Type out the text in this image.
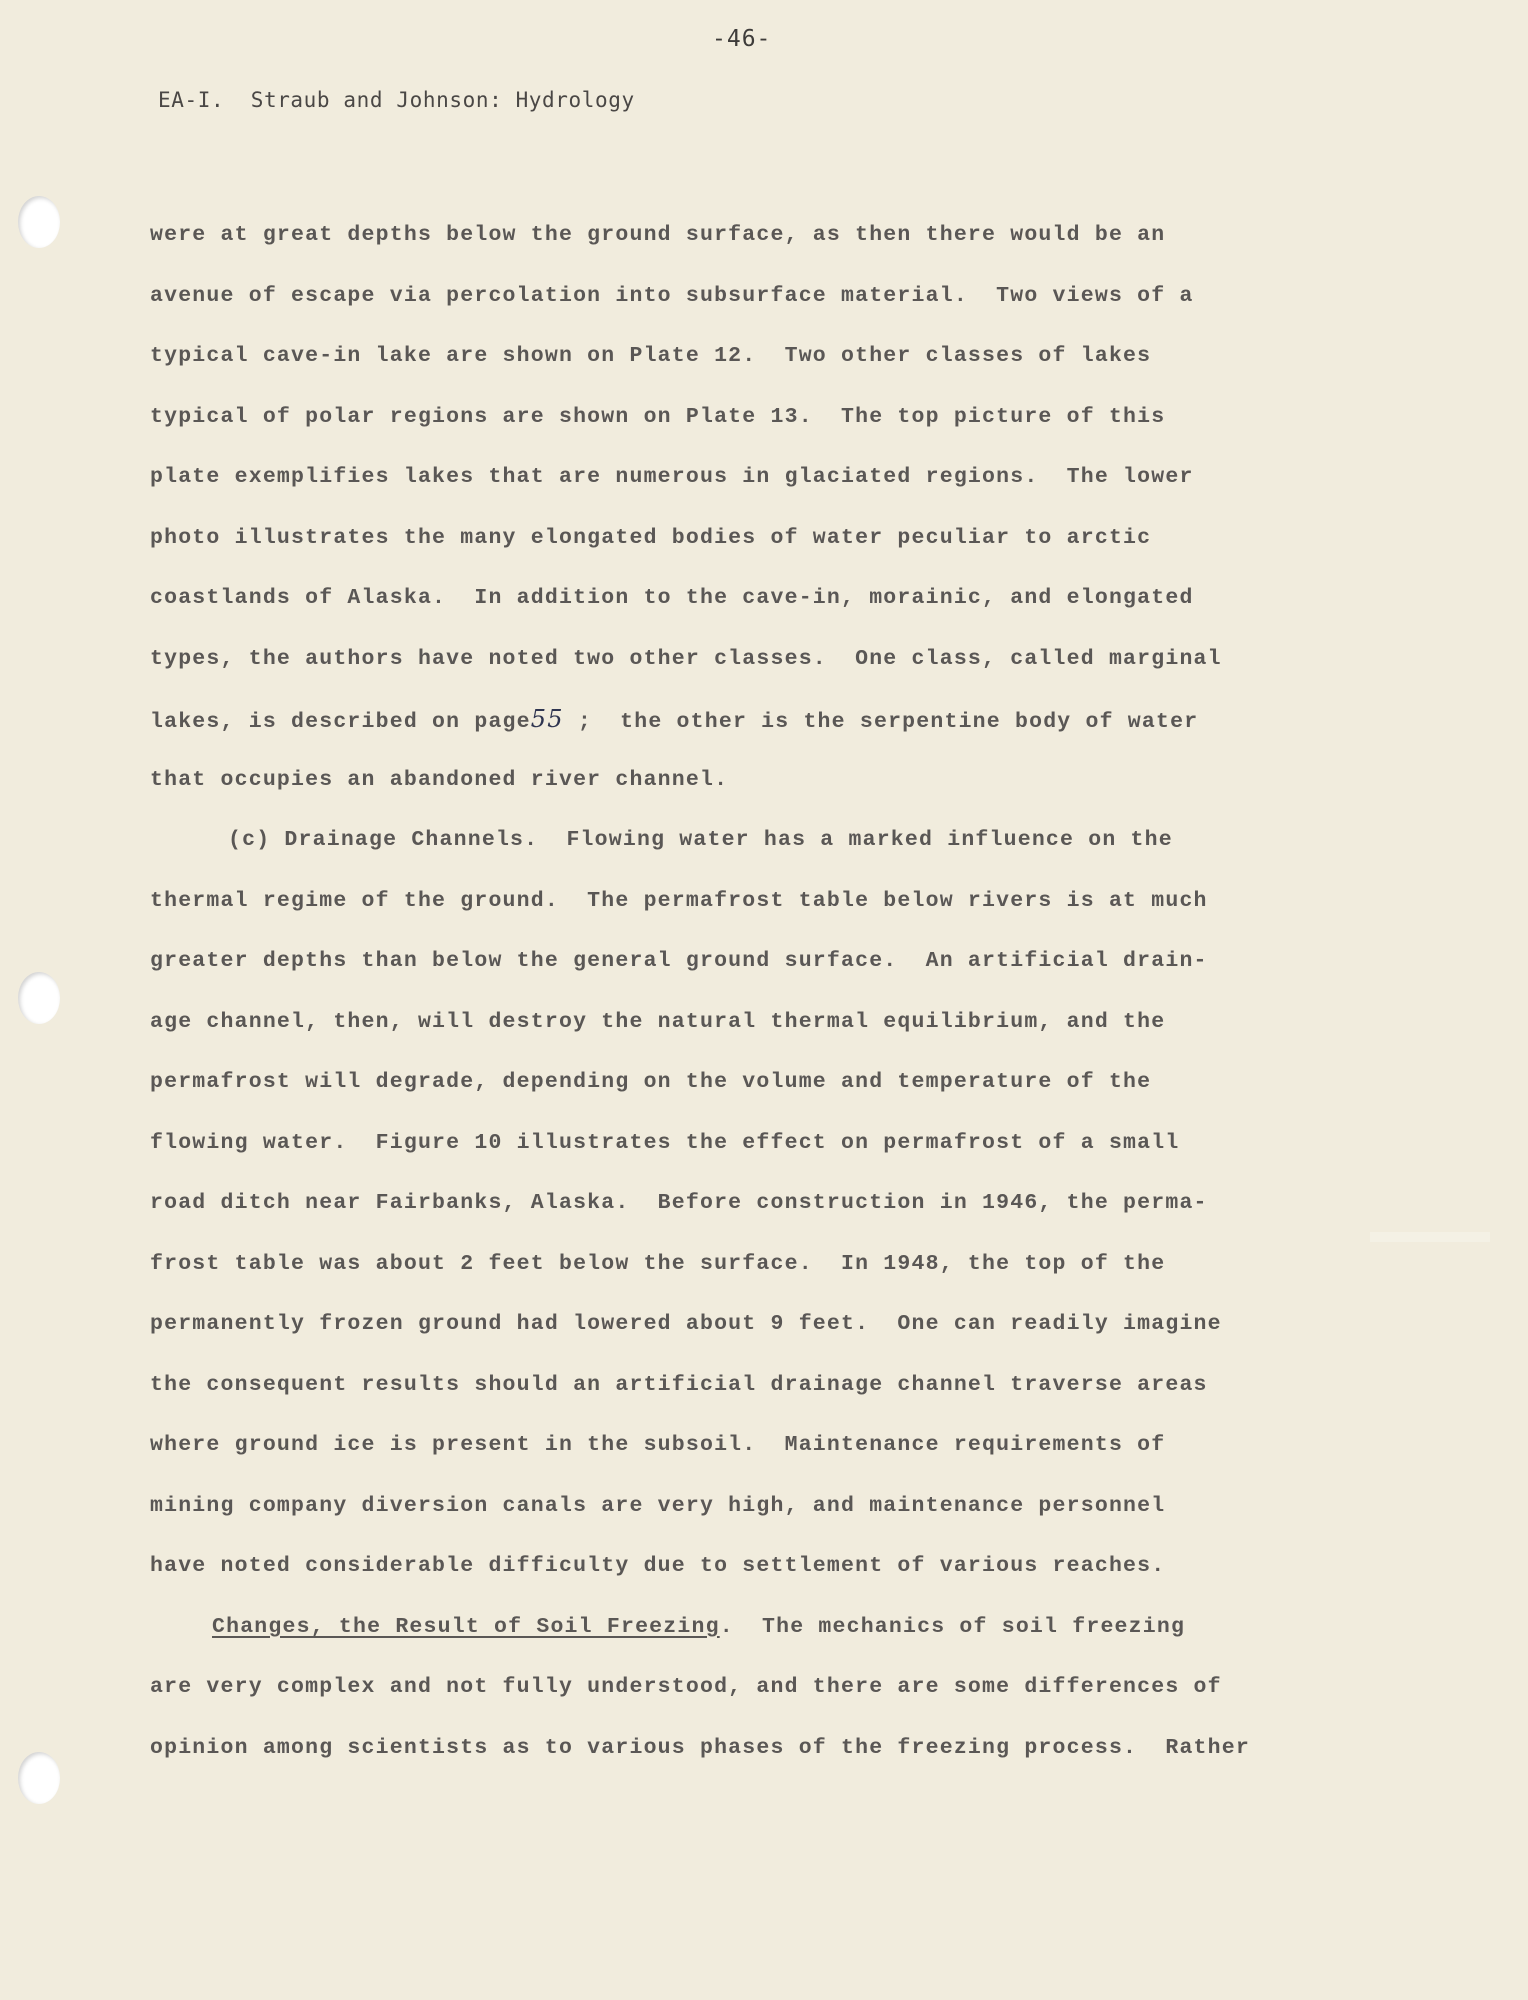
-46-
EA-I.  Straub and Johnson: Hydrology
were at great depths below the ground surface, as then there would be an
avenue of escape via percolation into subsurface material.  Two views of a
typical cave-in lake are shown on Plate 12.  Two other classes of lakes
typical of polar regions are shown on Plate 13.  The top picture of this
plate exemplifies lakes that are numerous in glaciated regions.  The lower
photo illustrates the many elongated bodies of water peculiar to arctic
coastlands of Alaska.  In addition to the cave-in, morainic, and elongated
types, the authors have noted two other classes.  One class, called marginal
lakes, is described on page55 ;  the other is the serpentine body of water
that occupies an abandoned river channel.
(c) Drainage Channels.  Flowing water has a marked influence on the
thermal regime of the ground.  The permafrost table below rivers is at much
greater depths than below the general ground surface.  An artificial drain-
age channel, then, will destroy the natural thermal equilibrium, and the
permafrost will degrade, depending on the volume and temperature of the
flowing water.  Figure 10 illustrates the effect on permafrost of a small
road ditch near Fairbanks, Alaska.  Before construction in 1946, the perma-
frost table was about 2 feet below the surface.  In 1948, the top of the
permanently frozen ground had lowered about 9 feet.  One can readily imagine
the consequent results should an artificial drainage channel traverse areas
where ground ice is present in the subsoil.  Maintenance requirements of
mining company diversion canals are very high, and maintenance personnel
have noted considerable difficulty due to settlement of various reaches.
Changes, the Result of Soil Freezing.  The mechanics of soil freezing
are very complex and not fully understood, and there are some differences of
opinion among scientists as to various phases of the freezing process.  Rather
